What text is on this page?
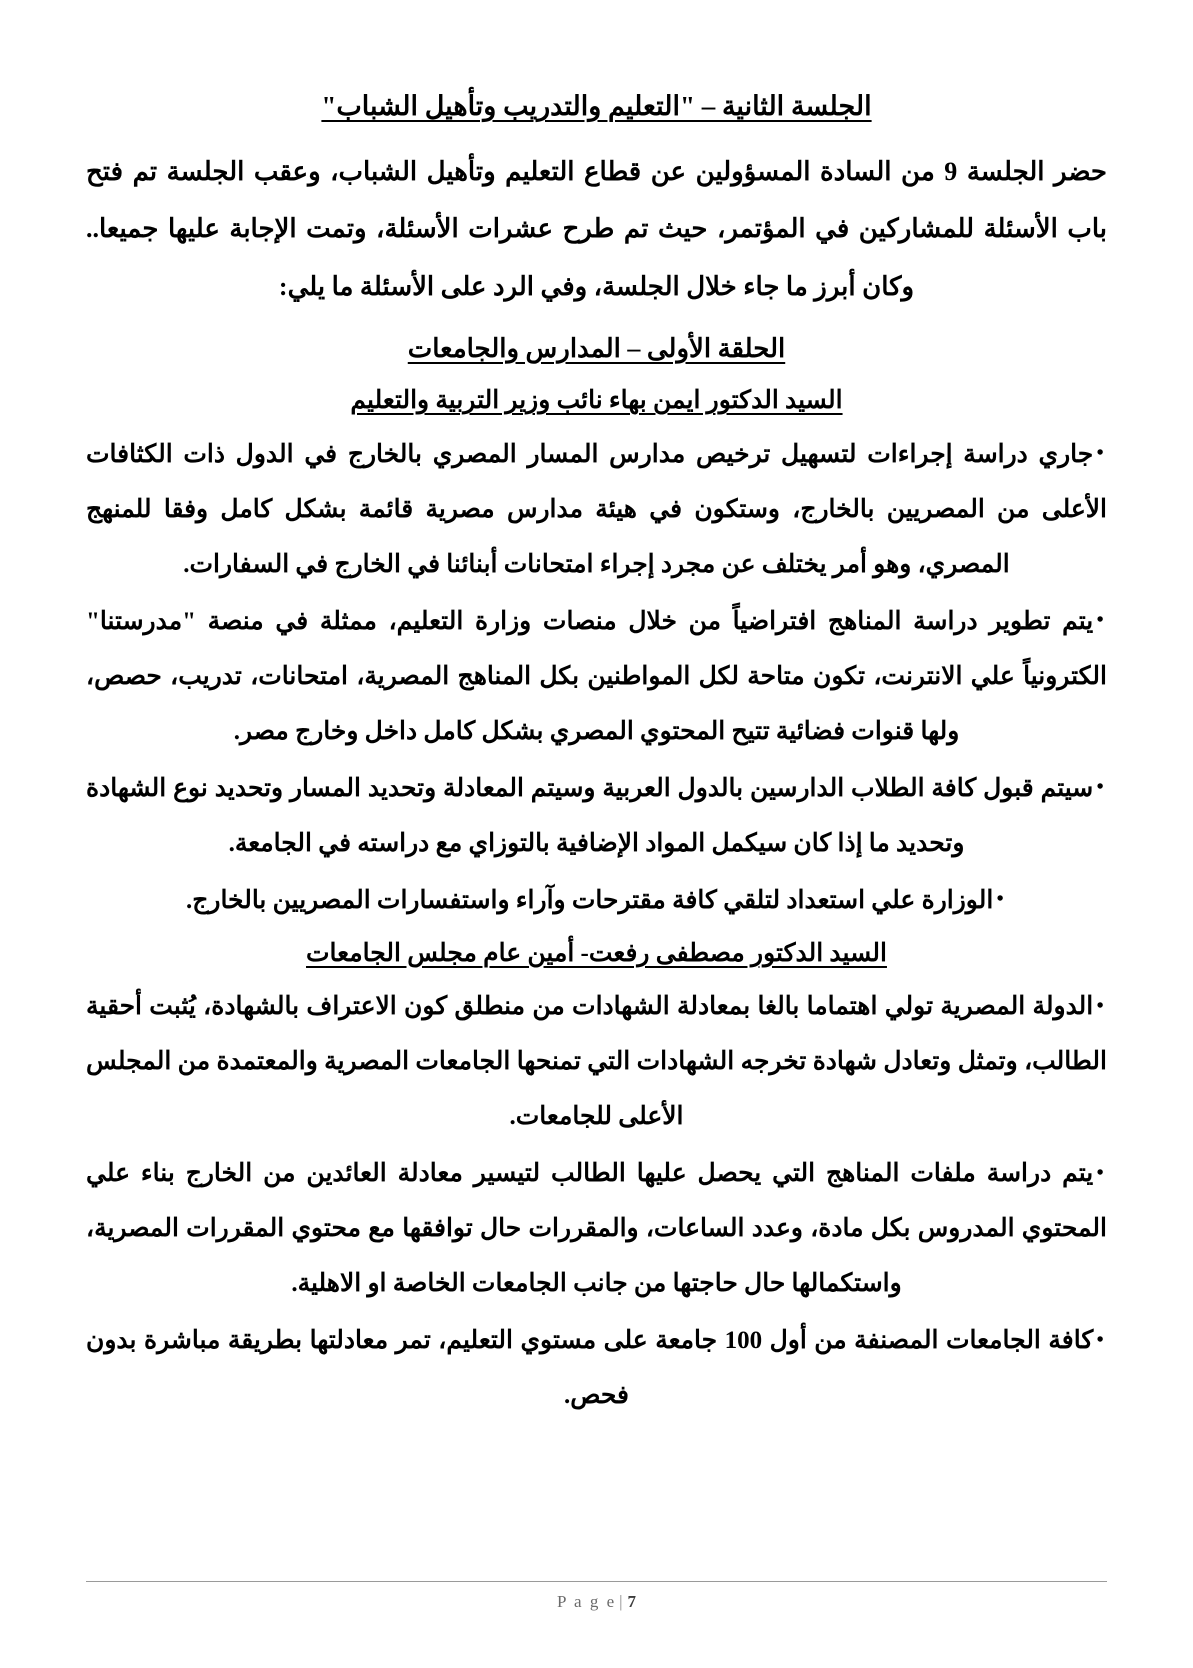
الجلسة الثانية – "التعليم والتدريب وتأهيل الشباب"

حضر الجلسة 9 من السادة المسؤولين عن قطاع التعليم وتأهيل الشباب، وعقب الجلسة تم فتح باب الأسئلة للمشاركين في المؤتمر، حيث تم طرح عشرات الأسئلة، وتمت الإجابة عليها جميعا.. وكان أبرز ما جاء خلال الجلسة، وفي الرد على الأسئلة ما يلي:

الحلقة الأولى – المدارس والجامعات
السيد الدكتور ايمن بهاء نائب وزير التربية والتعليم
•جاري دراسة إجراءات لتسهيل ترخيص مدارس المسار المصري بالخارج في الدول ذات الكثافات الأعلى من المصريين بالخارج، وستكون في هيئة مدارس مصرية قائمة بشكل كامل وفقا للمنهج المصري، وهو أمر يختلف عن مجرد إجراء امتحانات أبنائنا في الخارج في السفارات.
•يتم تطوير دراسة المناهج افتراضياً من خلال منصات وزارة التعليم، ممثلة في منصة "مدرستنا" الكترونياً علي الانترنت، تكون متاحة لكل المواطنين بكل المناهج المصرية، امتحانات، تدريب، حصص، ولها قنوات فضائية تتيح المحتوي المصري بشكل كامل داخل وخارج مصر.
•سيتم قبول كافة الطلاب الدارسين بالدول العربية وسيتم المعادلة وتحديد المسار وتحديد نوع الشهادة وتحديد ما إذا كان سيكمل المواد الإضافية بالتوزاي مع دراسته في الجامعة.
•الوزارة علي استعداد لتلقي كافة مقترحات وآراء واستفسارات المصريين بالخارج.
السيد الدكتور مصطفى رفعت- أمين عام مجلس الجامعات
•الدولة المصرية تولي اهتماما بالغا بمعادلة الشهادات من منطلق كون الاعتراف بالشهادة، يُثبت أحقية الطالب، وتمثل وتعادل شهادة تخرجه الشهادات التي تمنحها الجامعات المصرية والمعتمدة من المجلس الأعلى للجامعات.
•يتم دراسة ملفات المناهج التي يحصل عليها الطالب لتيسير معادلة العائدين من الخارج بناء علي المحتوي المدروس بكل مادة، وعدد الساعات، والمقررات حال توافقها مع محتوي المقررات المصرية، واستكمالها حال حاجتها من جانب الجامعات الخاصة او الاهلية.
•كافة الجامعات المصنفة من أول 100 جامعة على مستوي التعليم، تمر معادلتها بطريقة مباشرة بدون فحص.
P a g e | 7
